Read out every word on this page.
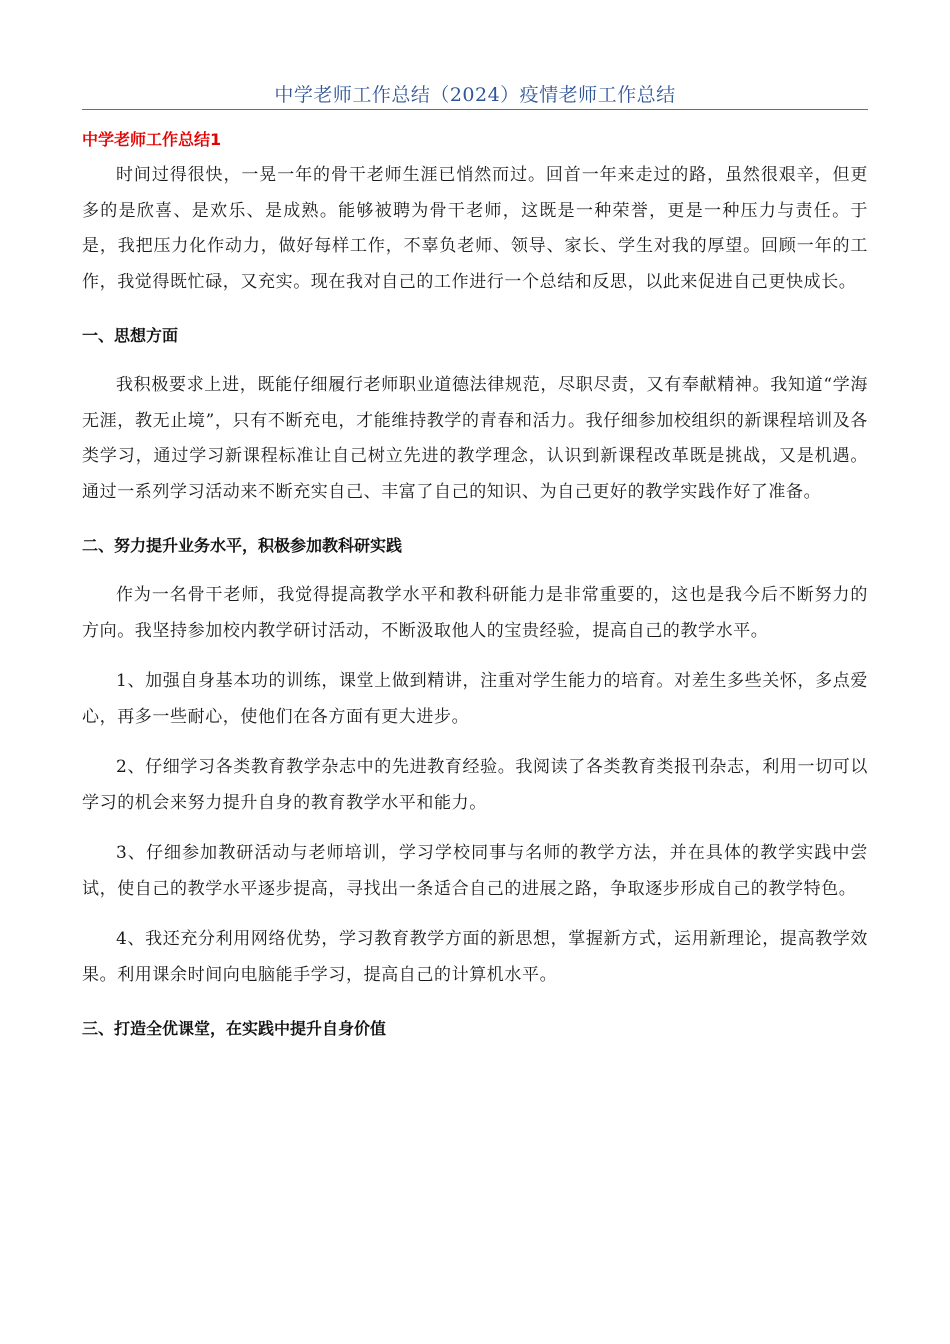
中学老师工作总结（2024）疫情老师工作总结
中学老师工作总结1

时间过得很快，一晃一年的骨干老师生涯已悄然而过。回首一年来走过的路，虽然很艰辛，但更多的是欣喜、是欢乐、是成熟。能够被聘为骨干老师，这既是一种荣誉，更是一种压力与责任。于是，我把压力化作动力，做好每样工作，不辜负老师、领导、家长、学生对我的厚望。回顾一年的工作，我觉得既忙碌，又充实。现在我对自己的工作进行一个总结和反思，以此来促进自己更快成长。

一、思想方面

我积极要求上进，既能仔细履行老师职业道德法律规范，尽职尽责，又有奉献精神。我知道“学海无涯，教无止境”，只有不断充电，才能维持教学的青春和活力。我仔细参加校组织的新课程培训及各类学习，通过学习新课程标准让自己树立先进的教学理念，认识到新课程改革既是挑战，又是机遇。通过一系列学习活动来不断充实自己、丰富了自己的知识、为自己更好的教学实践作好了准备。

二、努力提升业务水平，积极参加教科研实践

作为一名骨干老师，我觉得提高教学水平和教科研能力是非常重要的，这也是我今后不断努力的方向。我坚持参加校内教学研讨活动，不断汲取他人的宝贵经验，提高自己的教学水平。

1、加强自身基本功的训练，课堂上做到精讲，注重对学生能力的培育。对差生多些关怀，多点爱心，再多一些耐心，使他们在各方面有更大进步。

2、仔细学习各类教育教学杂志中的先进教育经验。我阅读了各类教育类报刊杂志，利用一切可以学习的机会来努力提升自身的教育教学水平和能力。

3、仔细参加教研活动与老师培训，学习学校同事与名师的教学方法，并在具体的教学实践中尝试，使自己的教学水平逐步提高，寻找出一条适合自己的进展之路，争取逐步形成自己的教学特色。

4、我还充分利用网络优势，学习教育教学方面的新思想，掌握新方式，运用新理论，提高教学效果。利用课余时间向电脑能手学习，提高自己的计算机水平。

三、打造全优课堂，在实践中提升自身价值
